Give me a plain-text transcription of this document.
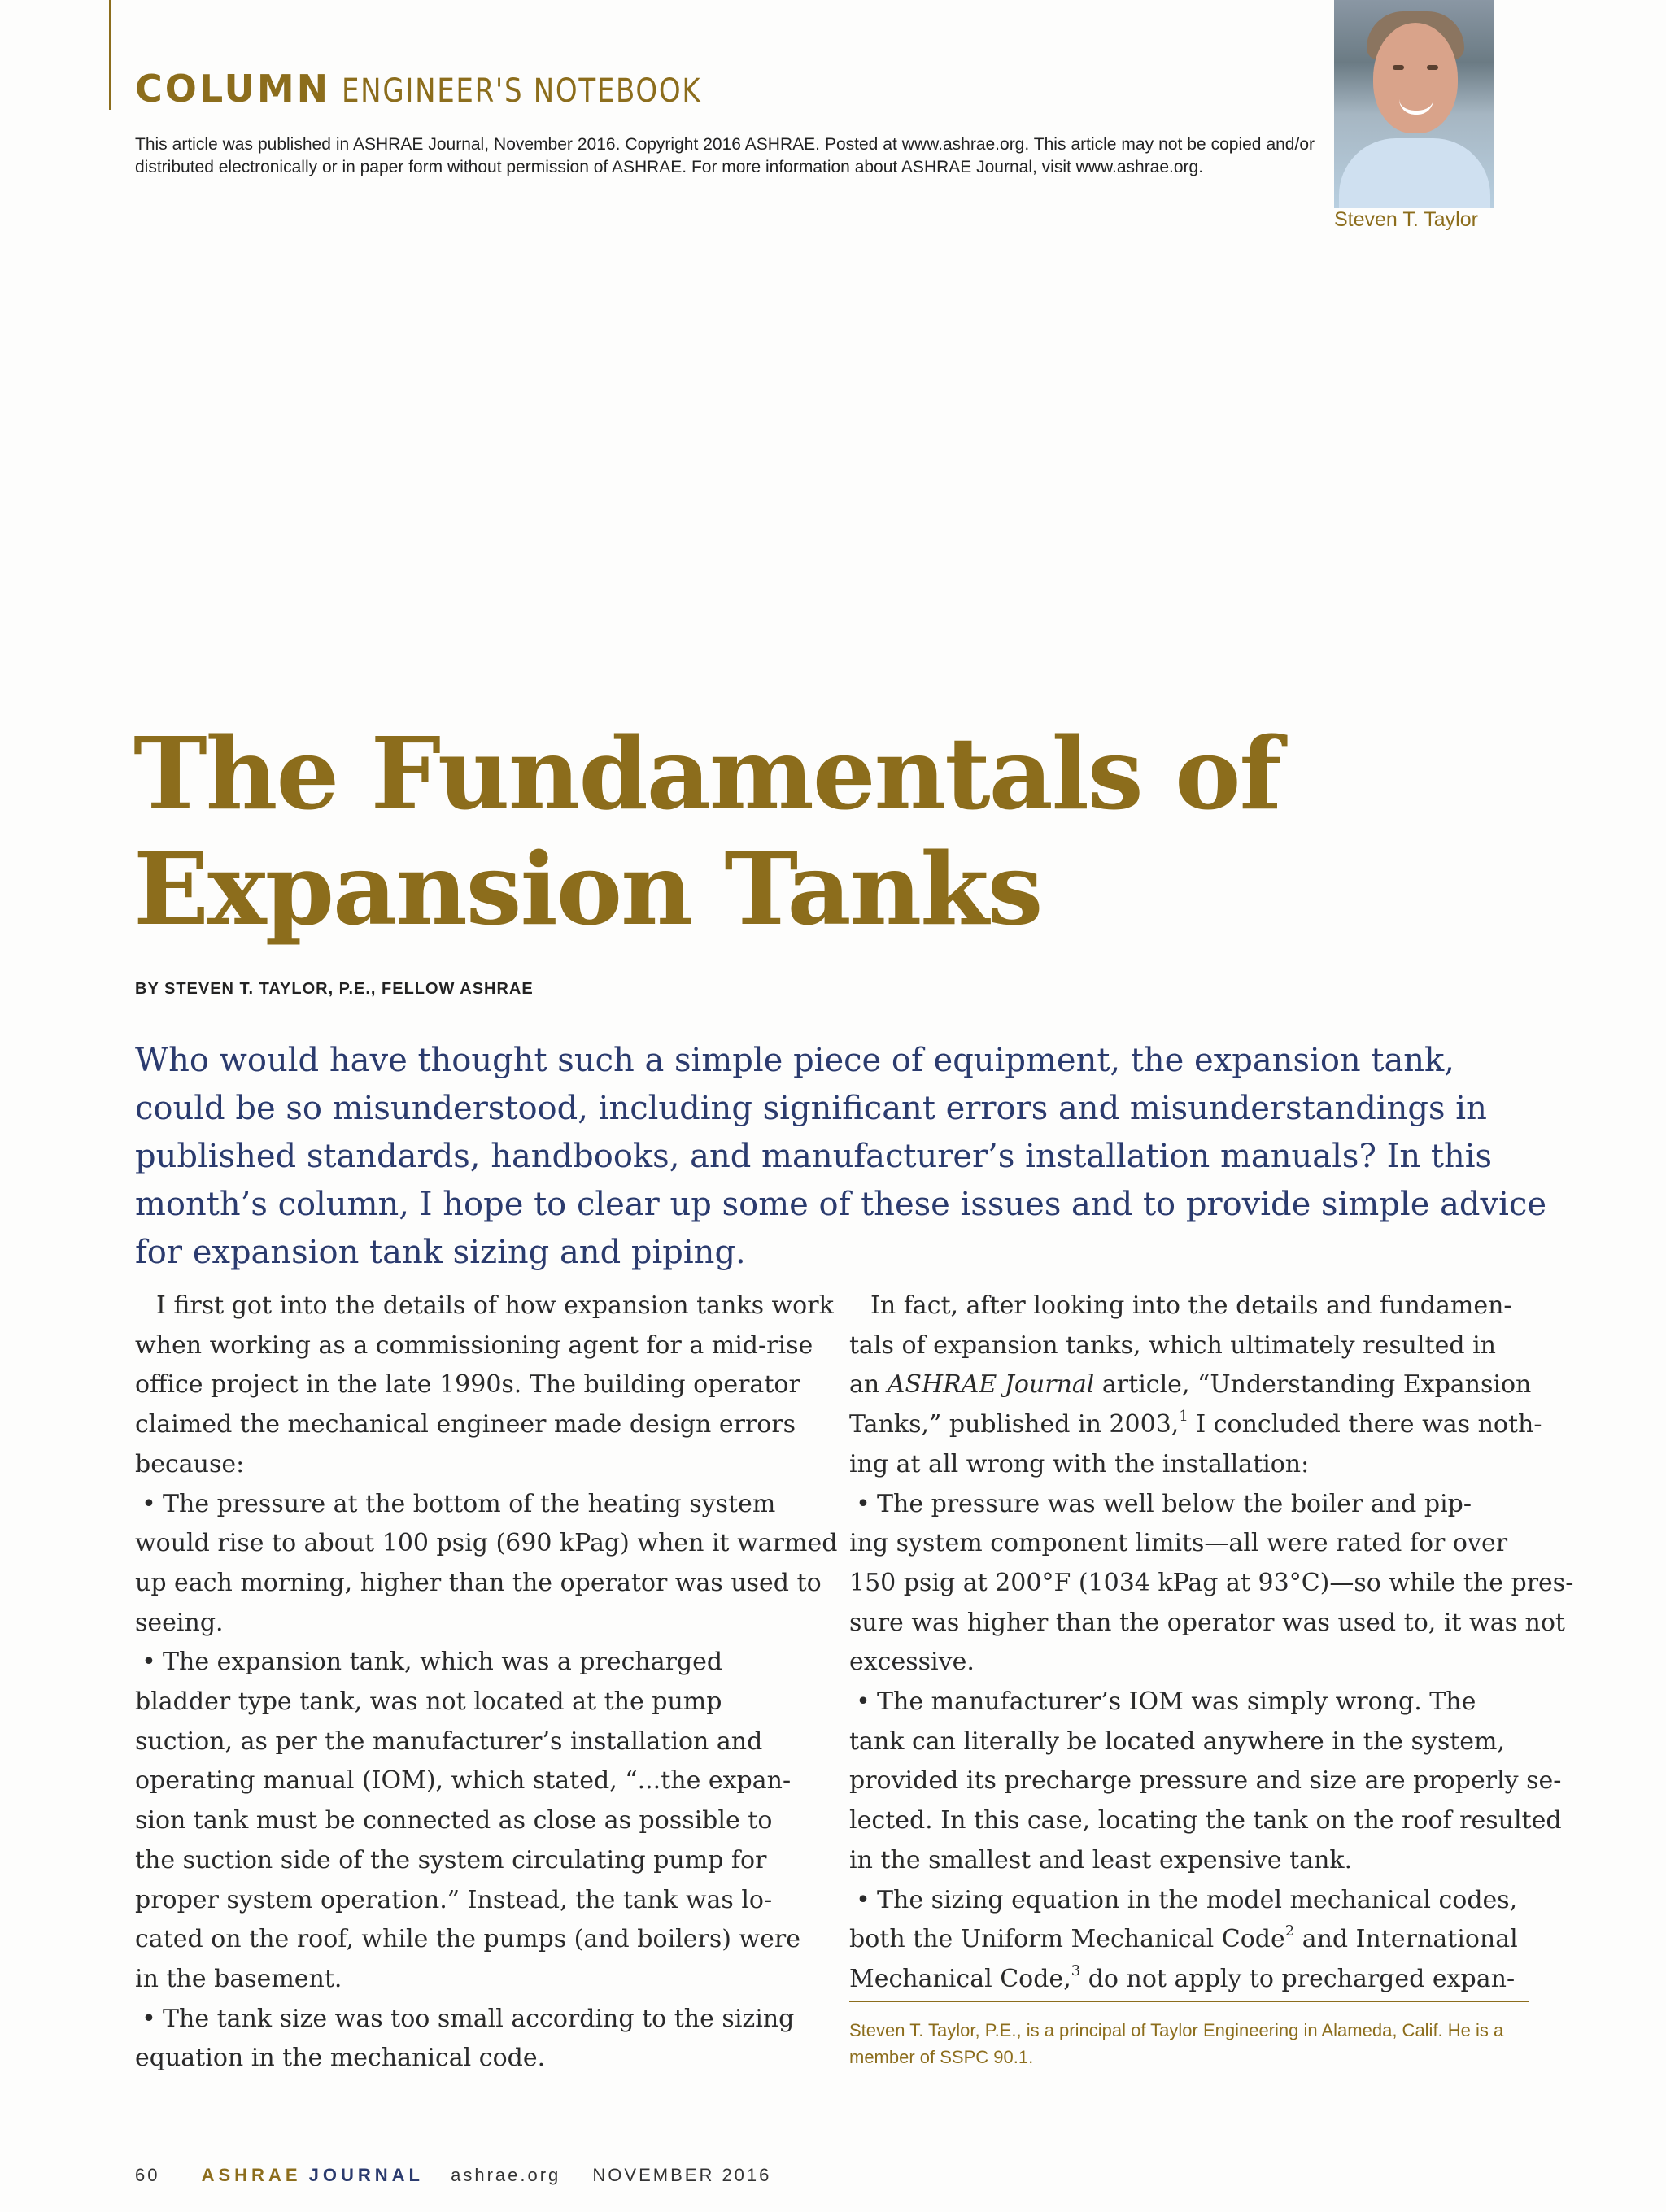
COLUMN ENGINEER'S NOTEBOOK
This article was published in ASHRAE Journal, November 2016. Copyright 2016 ASHRAE. Posted at www.ashrae.org. This article may not be copied and/or distributed electronically or in paper form without permission of ASHRAE. For more information about ASHRAE Journal, visit www.ashrae.org.
Steven T. Taylor
The Fundamentals of
Expansion Tanks
BY STEVEN T. TAYLOR, P.E., FELLOW ASHRAE
Who would have thought such a simple piece of equipment, the expansion tank, could be so misunderstood, including significant errors and misunderstandings in published standards, handbooks, and manufacturer’s installation manuals? In this month’s column, I hope to clear up some of these issues and to provide simple advice for expansion tank sizing and piping.

I first got into the details of how expansion tanks work

when working as a commissioning agent for a mid-rise

office project in the late 1990s. The building operator

claimed the mechanical engineer made design errors

because:

• The pressure at the bottom of the heating system

would rise to about 100 psig (690 kPag) when it warmed

up each morning, higher than the operator was used to

seeing.

• The expansion tank, which was a precharged

bladder type tank, was not located at the pump

suction, as per the manufacturer’s installation and

operating manual (IOM), which stated, “...the expan-

sion tank must be connected as close as possible to

the suction side of the system circulating pump for

proper system operation.” Instead, the tank was lo-

cated on the roof, while the pumps (and boilers) were

in the basement.

• The tank size was too small according to the sizing

equation in the mechanical code.

In fact, after looking into the details and fundamen-

tals of expansion tanks, which ultimately resulted in

an ASHRAE Journal article, “Understanding Expansion

Tanks,” published in 2003,$^1$ I concluded there was noth-

ing at all wrong with the installation:

• The pressure was well below the boiler and pip-

ing system component limits—all were rated for over

150 psig at 200°F (1034 kPag at 93°C)—so while the pres-

sure was higher than the operator was used to, it was not

excessive.

• The manufacturer’s IOM was simply wrong. The

tank can literally be located anywhere in the system,

provided its precharge pressure and size are properly se-

lected. In this case, locating the tank on the roof resulted

in the smallest and least expensive tank.

• The sizing equation in the model mechanical codes,

both the Uniform Mechanical Code$^2$ and International

Mechanical Code,$^3$ do not apply to precharged expan-

Steven T. Taylor, P.E., is a principal of Taylor Engineering in Alameda, Calif. He is a member of SSPC 90.1.
60 ASHRAE JOURNAL ashrae.org NOVEMBER 2016
